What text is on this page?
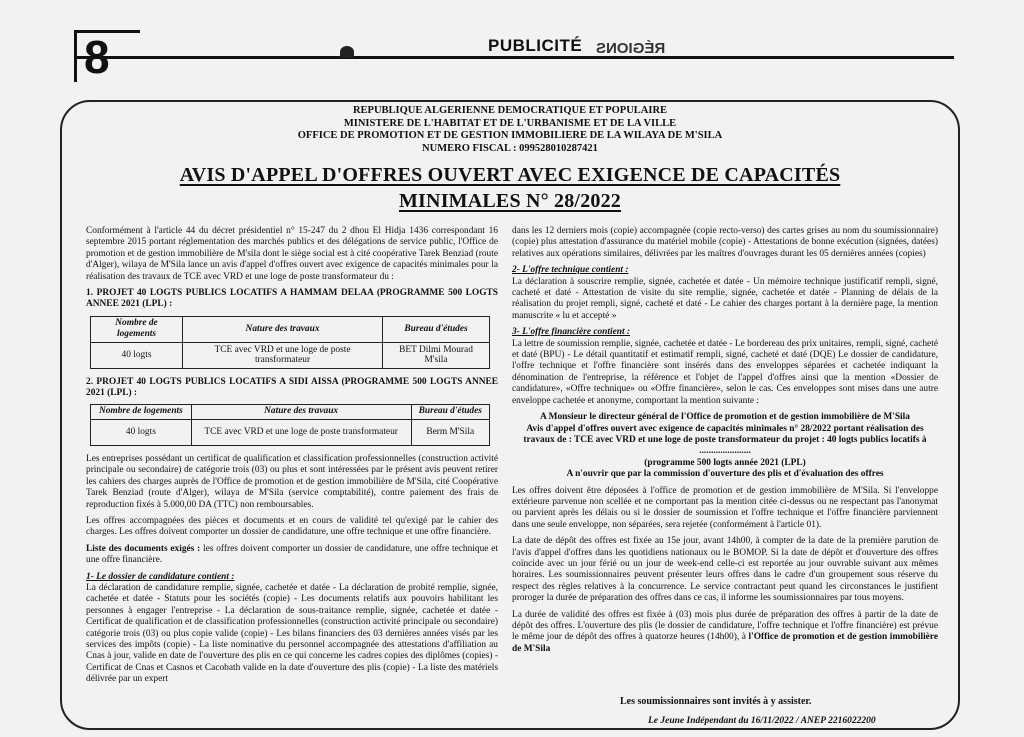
8	PUBLICITÉ RÉGIONS
REPUBLIQUE ALGERIENNE DEMOCRATIQUE ET POPULAIRE
MINISTERE DE L'HABITAT ET DE L'URBANISME ET DE LA VILLE
OFFICE DE PROMOTION ET DE GESTION IMMOBILIERE DE LA WILAYA DE M'SILA
NUMERO FISCAL : 099528010287421
AVIS D'APPEL D'OFFRES OUVERT AVEC EXIGENCE DE CAPACITÉS
MINIMALES N° 28/2022

Conformément à l'article 44 du décret présidentiel n° 15-247 du 2 dhou El Hidja 1436 correspondant 16 septembre 2015 portant réglementation des marchés publics et des délégations de service public, l'Office de promotion et de gestion immobilière de M'sila dont le siège social est à cité coopérative Tarek Benziad (route d'Alger), wilaya de M'Sila lance un avis d'appel d'offres ouvert avec exigence de capacités minimales pour la réalisation des travaux de TCE avec VRD et une loge de poste transformateur du :

1. PROJET 40 LOGTS PUBLICS LOCATIFS A HAMMAM DELAA (PROGRAMME 500 LOGTS ANNEE 2021 (LPL) :

Nombre de logements	Nature des travaux	Bureau d'études
40 logts	TCE avec VRD et une loge de poste transformateur	BET Dilmi Mourad M'sila

2. PROJET 40 LOGTS PUBLICS LOCATIFS A SIDI AISSA (PROGRAMME 500 LOGTS ANNEE 2021 (LPL) :

Nombre de logements	Nature des travaux	Bureau d'études
40 logts	TCE avec VRD et une loge de poste transformateur	Berm M'Sila

Les entreprises possédant un certificat de qualification et classification professionnelles (construction activité principale ou secondaire) de catégorie trois (03) ou plus et sont intéressées par le présent avis peuvent retirer les cahiers des charges auprès de l'Office de promotion et de gestion immobilière de M'Sila, cité Coopérative Tarek Benziad (route d'Alger), wilaya de M'Sila (service comptabilité), contre paiement des frais de reproduction fixés à 5.000,00 DA (TTC) non remboursables.

Les offres accompagnées des pièces et documents et en cours de validité tel qu'exigé par le cahier des charges. Les offres doivent comporter un dossier de candidature, une offre technique et une offre financière.

Liste des documents exigés : les offres doivent comporter un dossier de candidature, une offre technique et une offre financière.

1- Le dossier de candidature contient :

La déclaration de candidature remplie, signée, cachetée et datée - La déclaration de probité remplie, signée, cachetée et datée - Statuts pour les sociétés (copie) - Les documents relatifs aux pouvoirs habilitant les personnes à engager l'entreprise - La déclaration de sous-traitance remplie, signée, cachetée et datée - Certificat de qualification et de classification professionnelles (construction activité principale ou secondaire) catégorie trois (03) ou plus copie valide (copie) - Les bilans financiers des 03 dernières années visés par les services des impôts (copie) - La liste nominative du personnel accompagnée des attestations d'affiliation au Cnas à jour, valide en date de l'ouverture des plis en ce qui concerne les cadres copies des diplômes (copies) - Certificat de Cnas et Casnos et Cacobath valide en la date d'ouverture des plis (copie) - La liste des matériels délivrée par un expert

dans les 12 derniers mois (copie) accompagnée (copie recto-verso) des cartes grises au nom du soumissionnaire) (copie) plus attestation d'assurance du matériel mobile (copie) - Attestations de bonne exécution (signées, datées) relatives aux opérations similaires, délivrées par les maîtres d'ouvrages durant les 05 dernières années (copies)

2- L'offre technique contient :

La déclaration à souscrire remplie, signée, cachetée et datée - Un mémoire technique justificatif rempli, signé, cacheté et daté - Attestation de visite du site remplie, signée, cachetée et datée - Planning de délais de la réalisation du projet rempli, signé, cacheté et daté - Le cahier des charges portant à la dernière page, la mention manuscrite « lu et accepté »

3- L'offre financière contient :

La lettre de soumission remplie, signée, cachetée et datée - Le bordereau des prix unitaires, rempli, signé, cacheté et daté (BPU) - Le détail quantitatif et estimatif rempli, signé, cacheté et daté (DQE) Le dossier de candidature, l'offre technique et l'offre financière sont insérés dans des enveloppes séparées et cachetée indiquant la dénomination de l'entreprise, la référence et l'objet de l'appel d'offres ainsi que la mention «Dossier de candidature», «Offre technique» ou «Offre financière», selon le cas. Ces enveloppes sont mises dans une autre enveloppe cachetée et anonyme, comportant la mention suivante :

A Monsieur le directeur général de l'Office de promotion et de gestion immobilière de M'Sila
Avis d'appel d'offres ouvert avec exigence de capacités minimales n° 28/2022 portant réalisation des travaux de : TCE avec VRD et une loge de poste transformateur du projet : 40 logts publics locatifs à ......................
(programme 500 logts année 2021 (LPL)

A n'ouvrir que par la commission d'ouverture des plis et d'évaluation des offres

Les offres doivent être déposées à l'office de promotion et de gestion immobilière de M'Sila. Si l'enveloppe extérieure parvenue non scellée et ne comportant pas la mention citée ci-dessus ou ne respectant pas l'anonymat ou parvient après les délais ou si le dossier de soumission et l'offre technique et l'offre financière parviennent dans une seule enveloppe, non séparées, sera rejetée (conformément à l'article 01).

La date de dépôt des offres est fixée au 15e jour, avant 14h00, à compter de la date de la première parution de l'avis d'appel d'offres dans les quotidiens nationaux ou le BOMOP. Si la date de dépôt et d'ouverture des offres coïncide avec un jour férié ou un jour de week-end celle-ci est reportée au jour ouvrable suivant aux mêmes horaires. Les soumissionnaires peuvent présenter leurs offres dans le cadre d'un groupement sous réserve du respect des règles relatives à la concurrence. Le service contractant peut quand les circonstances le justifient proroger la durée de préparation des offres dans ce cas, il informe les soumissionnaires par tous moyens.

La durée de validité des offres est fixée à (03) mois plus durée de préparation des offres à partir de la date de dépôt des offres. L'ouverture des plis (le dossier de candidature, l'offre technique et l'offre financière) est prévue le même jour de dépôt des offres à quatorze heures (14h00), à l'Office de promotion et de gestion immobilière de M'Sila

Les soumissionnaires sont invités à y assister.
Le Jeune Indépendant du 16/11/2022 / ANEP 2216022200
